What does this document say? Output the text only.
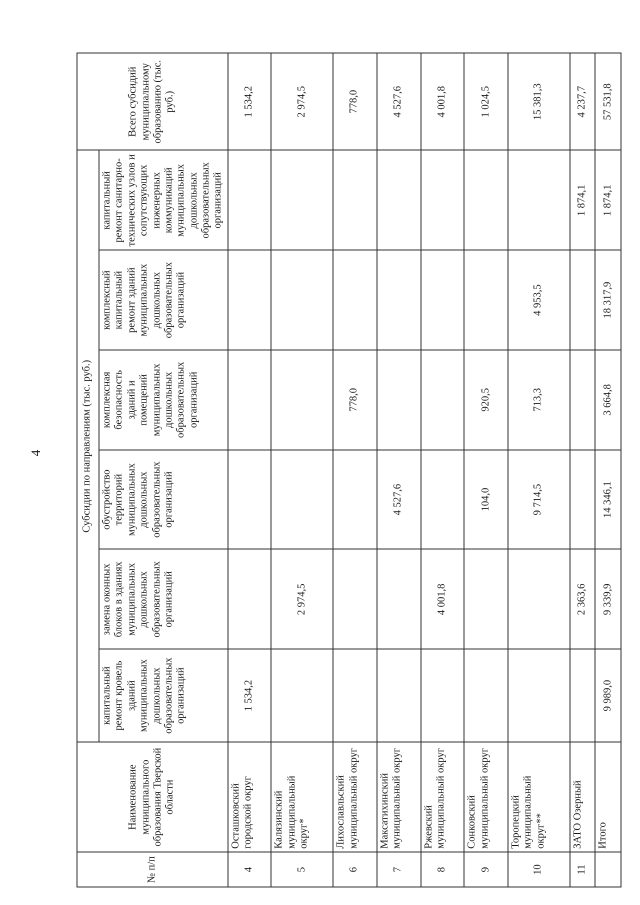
4
№ п/п	Наименование муниципального образования Тверской области	Субсидии по направлениям (тыс. руб.)						Всего субсидий муниципальному образованию (тыс. руб.)
		капитальный ремонт кровель зданий муниципальных дошкольных образовательных организаций	замена оконных блоков в зданиях муниципальных дошкольных образовательных организаций	обустройство территорий муниципальных дошкольных образовательных организаций	комплексная безопасность зданий и помещений муниципальных дошкольных образовательных организаций	комплексный капитальный ремонт зданий муниципальных дошкольных образовательных организаций	капитальный ремонт санитарно-технических узлов и сопутствующих инженерных коммуникаций муниципальных дошкольных образовательных организаций	
4	Осташковский городской округ	1 534,2						1 534,2
5	Калязинский муниципальный округ*		2 974,5					2 974,5
6	Лихославльский муниципальный округ				778,0			778,0
7	Максатихинский муниципальный округ			4 527,6				4 527,6
8	Ржевский муниципальный округ		4 001,8					4 001,8
9	Сонковский муниципальный округ			104,0	920,5			1 024,5
10	Торопецкий муниципальный округ**			9 714,5	713,3	4 953,5		15 381,3
11	ЗАТО Озерный		2 363,6				1 874,1	4 237,7
	Итого	9 989,0	9 339,9	14 346,1	3 664,8	18 317,9	1 874,1	57 531,8
